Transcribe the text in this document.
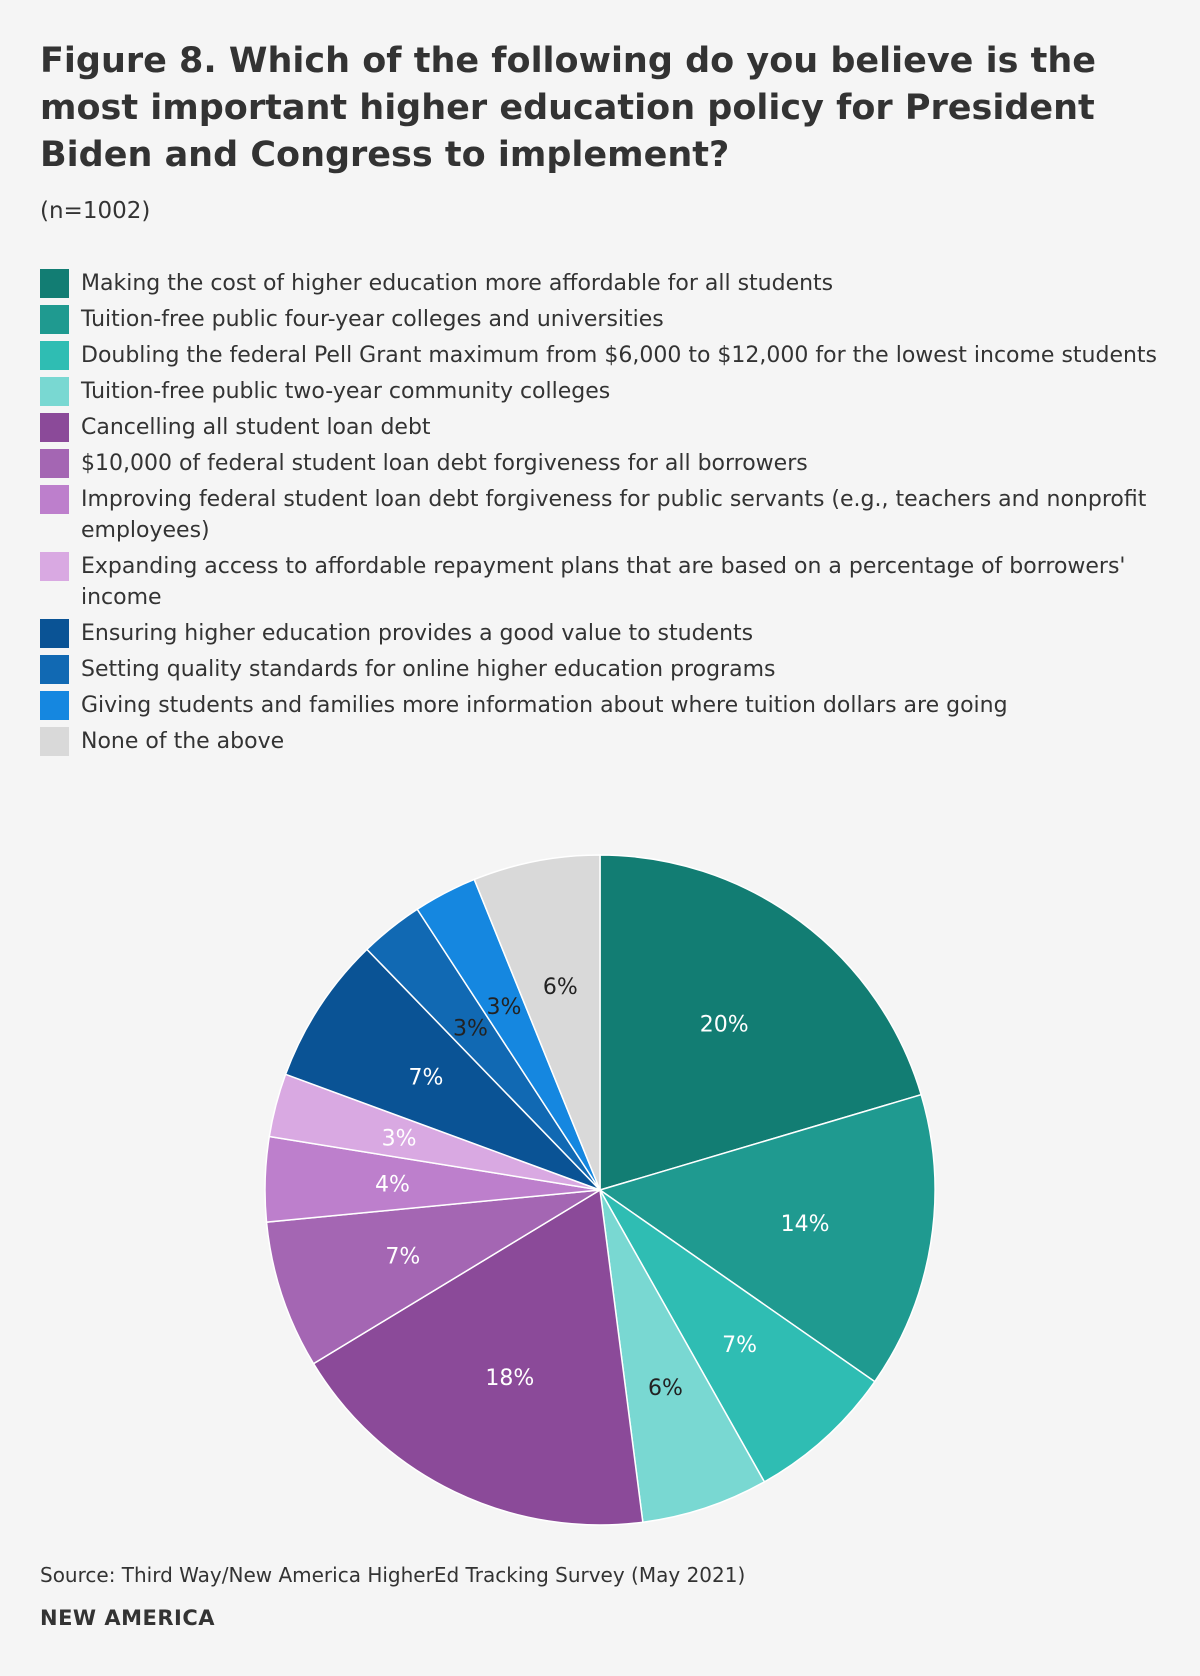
Figure 8. Which of the following do you believe is the most important higher education policy for President Biden and Congress to implement?
(n=1002)
Making the cost of higher education more affordable for all students
Tuition-free public four-year colleges and universities
Doubling the federal Pell Grant maximum from $6,000 to $12,000 for the lowest income students
Tuition-free public two-year community colleges
Cancelling all student loan debt
$10,000 of federal student loan debt forgiveness for all borrowers
Improving federal student loan debt forgiveness for public servants (e.g., teachers and nonprofit employees)
Expanding access to affordable repayment plans that are based on a percentage of borrowers' income
Ensuring higher education provides a good value to students
Setting quality standards for online higher education programs
Giving students and families more information about where tuition dollars are going
None of the above
20%
14%
7%
6%
18%
7%
4%
3%
7%
3%
3%
6%
Source: Third Way/New America HigherEd Tracking Survey (May 2021)
NEW AMERICA
